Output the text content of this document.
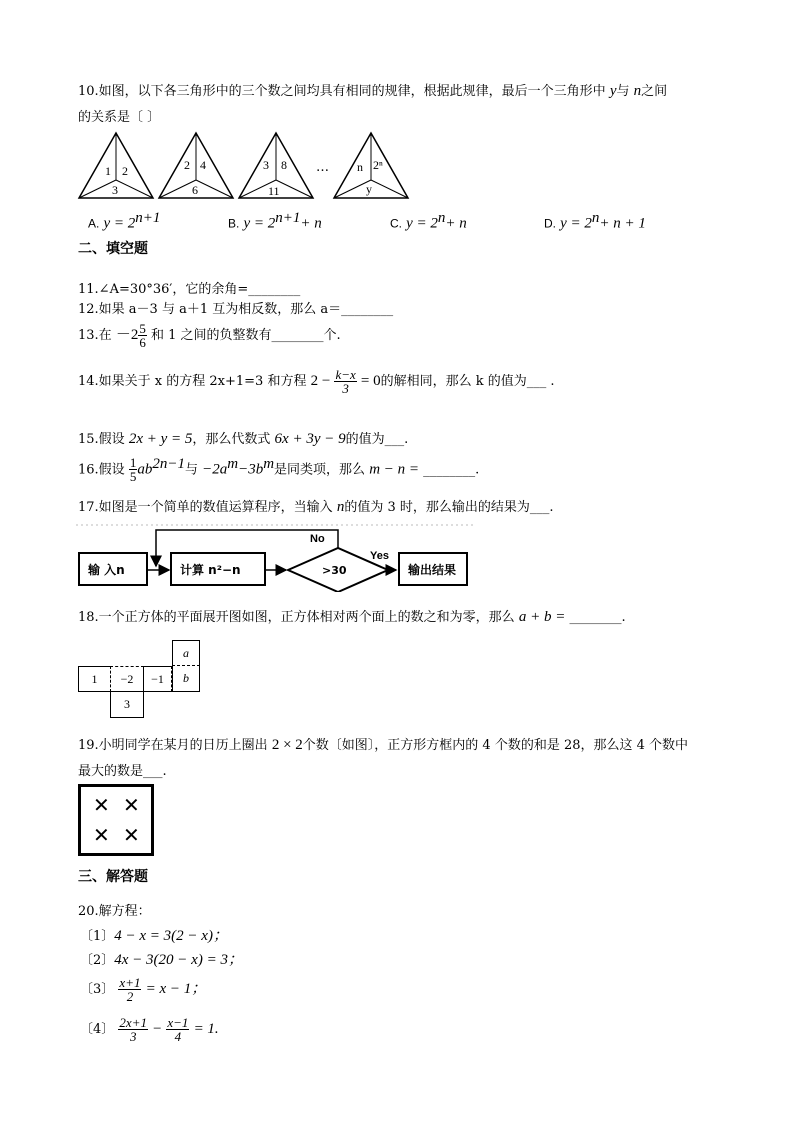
10.如图，以下各三角形中的三个数之间均具有相同的规律，根据此规律，最后一个三角形中 y与 n之间
的关系是〔 〕
1 2
3
2 4
6
3 8
11
… n 2ⁿ
y
A. $y = 2^{n+1}$	B. $y = 2^{n+1}+ n$	C. $y = 2^n+ n$	D. $y = 2^n+ n + 1$
二、填空题
11.∠A=30°36′，它的余角=________
12.如果 a－3 与 a＋1 互为相反数，那么 a＝________
13.在 $-2 \frac{5}{6}$ 和 1 之间的负整数有________个.
14.如果关于 x 的方程 2x+1=3 和方程 $2 - \frac{k-x}{3} = 0$的解相同，那么 k 的值为___ .
15.假设 2x + y = 5，那么代数式 6x + 3y − 9的值为___.
16.假设 $\frac{1}{5} ab^{2n-1}$与 $-2a^m-3b^m$是同类项，那么 m − n = ________.
17.如图是一个简单的数值运算程序，当输入 n的值为 3 时，那么输出的结果为___.
输 入n	计算 n²−n	>30
No
Yes
输出结果
18.一个正方体的平面展开图如图，正方体相对两个面上的数之和为零，那么 a + b = ________.
1	−2	−1
a
b
3
19.小明同学在某月的日历上圈出 2 × 2个数〔如图〕，正方形方框内的 4 个数的和是 28，那么这 4 个数中
最大的数是___.
✕ ✕
✕ ✕
三、解答题
20.解方程：
〔1〕4 − x = 3(2 − x)；
〔2〕4x − 3(20 − x) = 3；
〔3〕 $\frac{x+1}{2} = x - 1$；
〔4〕 $\frac{2x+1}{3} - \frac{x-1}{4} = 1$.
